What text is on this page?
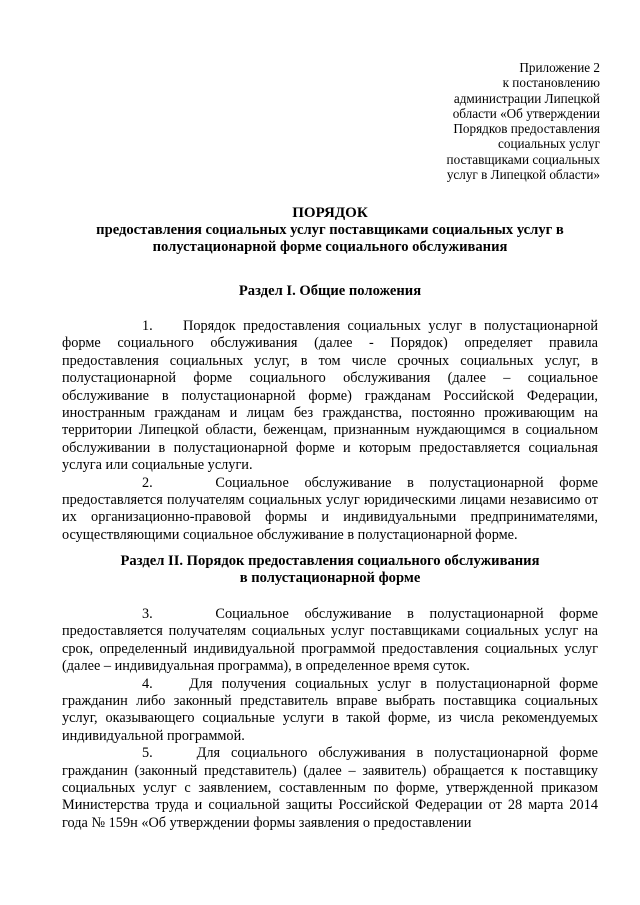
Приложение 2
к постановлению
администрации Липецкой
области «Об утверждении
Порядков предоставления
социальных услуг
поставщиками социальных
услуг в Липецкой области»
ПОРЯДОК
предоставления социальных услуг поставщиками социальных услуг в
полустационарной форме социального обслуживания
Раздел I. Общие положения

1. Порядок предоставления социальных услуг в полустационарной форме социального обслуживания (далее - Порядок) определяет правила предоставления социальных услуг, в том числе срочных социальных услуг, в полустационарной форме социального обслуживания (далее – социальное обслуживание в полустационарной форме) гражданам Российской Федерации, иностранным гражданам и лицам без гражданства, постоянно проживающим на территории Липецкой области, беженцам, признанным нуждающимся в социальном обслуживании в полустационарной форме и которым предоставляется социальная услуга или социальные услуги.

2.	Социальное обслуживание в полустационарной форме предоставляется получателям социальных услуг юридическими лицами независимо от их организационно-правовой формы и индивидуальными предпринимателями, осуществляющими социальное обслуживание в полустационарной форме.

Раздел II. Порядок предоставления социального обслуживания
в полустационарной форме

3.	Социальное обслуживание в полустационарной форме предоставляется получателям социальных услуг поставщиками социальных услуг на срок, определенный индивидуальной программой предоставления социальных услуг (далее – индивидуальная программа), в определенное время суток.

4.	Для получения социальных услуг в полустационарной форме гражданин либо законный представитель вправе выбрать поставщика социальных услуг, оказывающего социальные услуги в такой форме, из числа рекомендуемых индивидуальной программой.

5.	Для социального обслуживания в полустационарной форме гражданин (законный представитель) (далее – заявитель) обращается к поставщику социальных услуг с заявлением, составленным по форме, утвержденной приказом Министерства труда и социальной защиты Российской Федерации от 28 марта 2014 года № 159н «Об утверждении формы заявления о предоставлении
